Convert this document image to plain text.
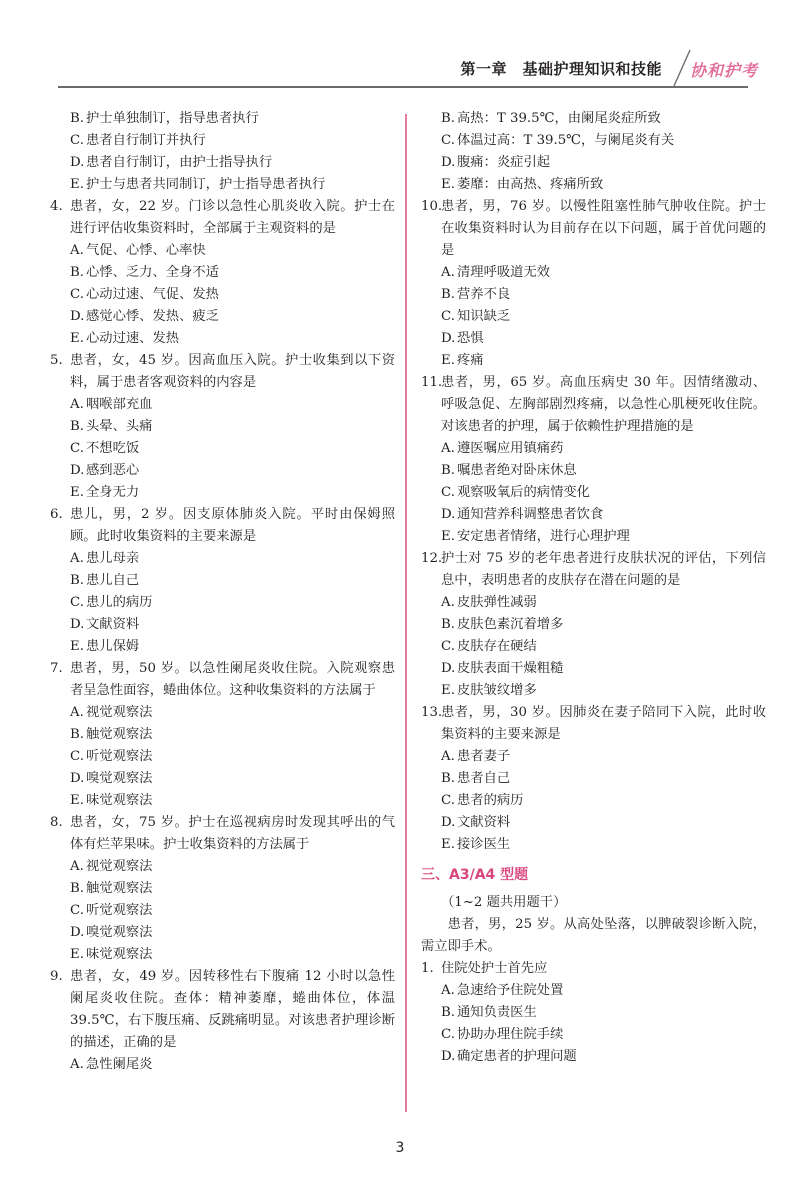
第一章　基础护理知识和技能 协和护考
B. 护士单独制订，指导患者执行
C. 患者自行制订并执行
D. 患者自行制订，由护士指导执行
E. 护士与患者共同制订，护士指导患者执行
4. 患者，女，22 岁。门诊以急性心肌炎收入院。护士在进行评估收集资料时，全部属于主观资料的是
A. 气促、心悸、心率快
B. 心悸、乏力、全身不适
C. 心动过速、气促、发热
D. 感觉心悸、发热、疲乏
E. 心动过速、发热
5. 患者，女，45 岁。因高血压入院。护士收集到以下资料，属于患者客观资料的内容是
A. 咽喉部充血
B. 头晕、头痛
C. 不想吃饭
D. 感到恶心
E. 全身无力
6. 患儿，男，2 岁。因支原体肺炎入院。平时由保姆照顾。此时收集资料的主要来源是
A. 患儿母亲
B. 患儿自己
C. 患儿的病历
D. 文献资料
E. 患儿保姆
7. 患者，男，50 岁。以急性阑尾炎收住院。入院观察患者呈急性面容，蜷曲体位。这种收集资料的方法属于
A. 视觉观察法
B. 触觉观察法
C. 听觉观察法
D. 嗅觉观察法
E. 味觉观察法
8. 患者，女，75 岁。护士在巡视病房时发现其呼出的气体有烂苹果味。护士收集资料的方法属于
A. 视觉观察法
B. 触觉观察法
C. 听觉观察法
D. 嗅觉观察法
E. 味觉观察法
9. 患者，女，49 岁。因转移性右下腹痛 12 小时以急性阑尾炎收住院。查体：精神萎靡，蜷曲体位，体温 39.5℃，右下腹压痛、反跳痛明显。对该患者护理诊断的描述，正确的是
A. 急性阑尾炎
B. 高热：T 39.5℃，由阑尾炎症所致
C. 体温过高：T 39.5℃，与阑尾炎有关
D. 腹痛：炎症引起
E. 萎靡：由高热、疼痛所致
10.
患者，男，76 岁。以慢性阻塞性肺气肿收住院。护士在收集资料时认为目前存在以下问题，属于首优问题的是
A. 清理呼吸道无效
B. 营养不良
C. 知识缺乏
D. 恐惧
E. 疼痛
11.
患者，男，65 岁。高血压病史 30 年。因情绪激动、呼吸急促、左胸部剧烈疼痛，以急性心肌梗死收住院。对该患者的护理，属于依赖性护理措施的是
A. 遵医嘱应用镇痛药
B. 嘱患者绝对卧床休息
C. 观察吸氧后的病情变化
D. 通知营养科调整患者饮食
E. 安定患者情绪，进行心理护理
12.
护士对 75 岁的老年患者进行皮肤状况的评估，下列信息中，表明患者的皮肤存在潜在问题的是
A. 皮肤弹性减弱
B. 皮肤色素沉着增多
C. 皮肤存在硬结
D. 皮肤表面干燥粗糙
E. 皮肤皱纹增多
13.
患者，男，30 岁。因肺炎在妻子陪同下入院，此时收集资料的主要来源是
A. 患者妻子
B. 患者自己
C. 患者的病历
D. 文献资料
E. 接诊医生
三、A3/A4 型题
（1~2 题共用题干）
患者，男，25 岁。从高处坠落，以脾破裂诊断入院，需立即手术。
1. 住院处护士首先应
A. 急速给予住院处置
B. 通知负责医生
C. 协助办理住院手续
D. 确定患者的护理问题
3
